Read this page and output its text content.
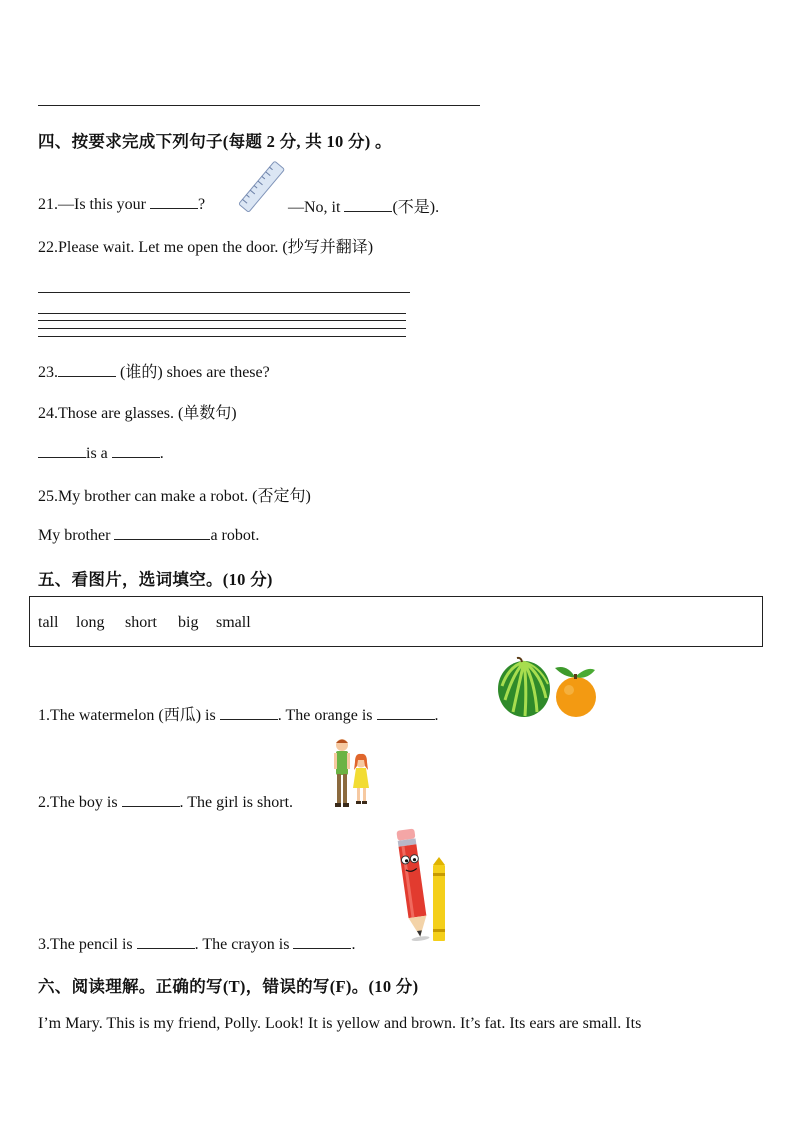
四、按要求完成下列句子(每题 2 分, 共 10 分) 。
21.—Is this your	?	—No, it	(不是).
22.Please wait. Let me open the door. (抄写并翻译)
23.	(谁的) shoes are these?
24.Those are glasses. (单数句)
is a	.
25.My brother can make a robot. (否定句)
My brother	a robot.
五、看图片，选词填空。(10 分)
tall long short big small
1.The watermelon (西瓜) is	. The orange is	.
2.The boy is	. The girl is short.
3.The pencil is	. The crayon is	.
六、阅读理解。正确的写(T)，错误的写(F)。(10 分)
I’m Mary. This is my friend, Polly. Look! It is yellow and brown. It’s fat. Its ears are small. Its
